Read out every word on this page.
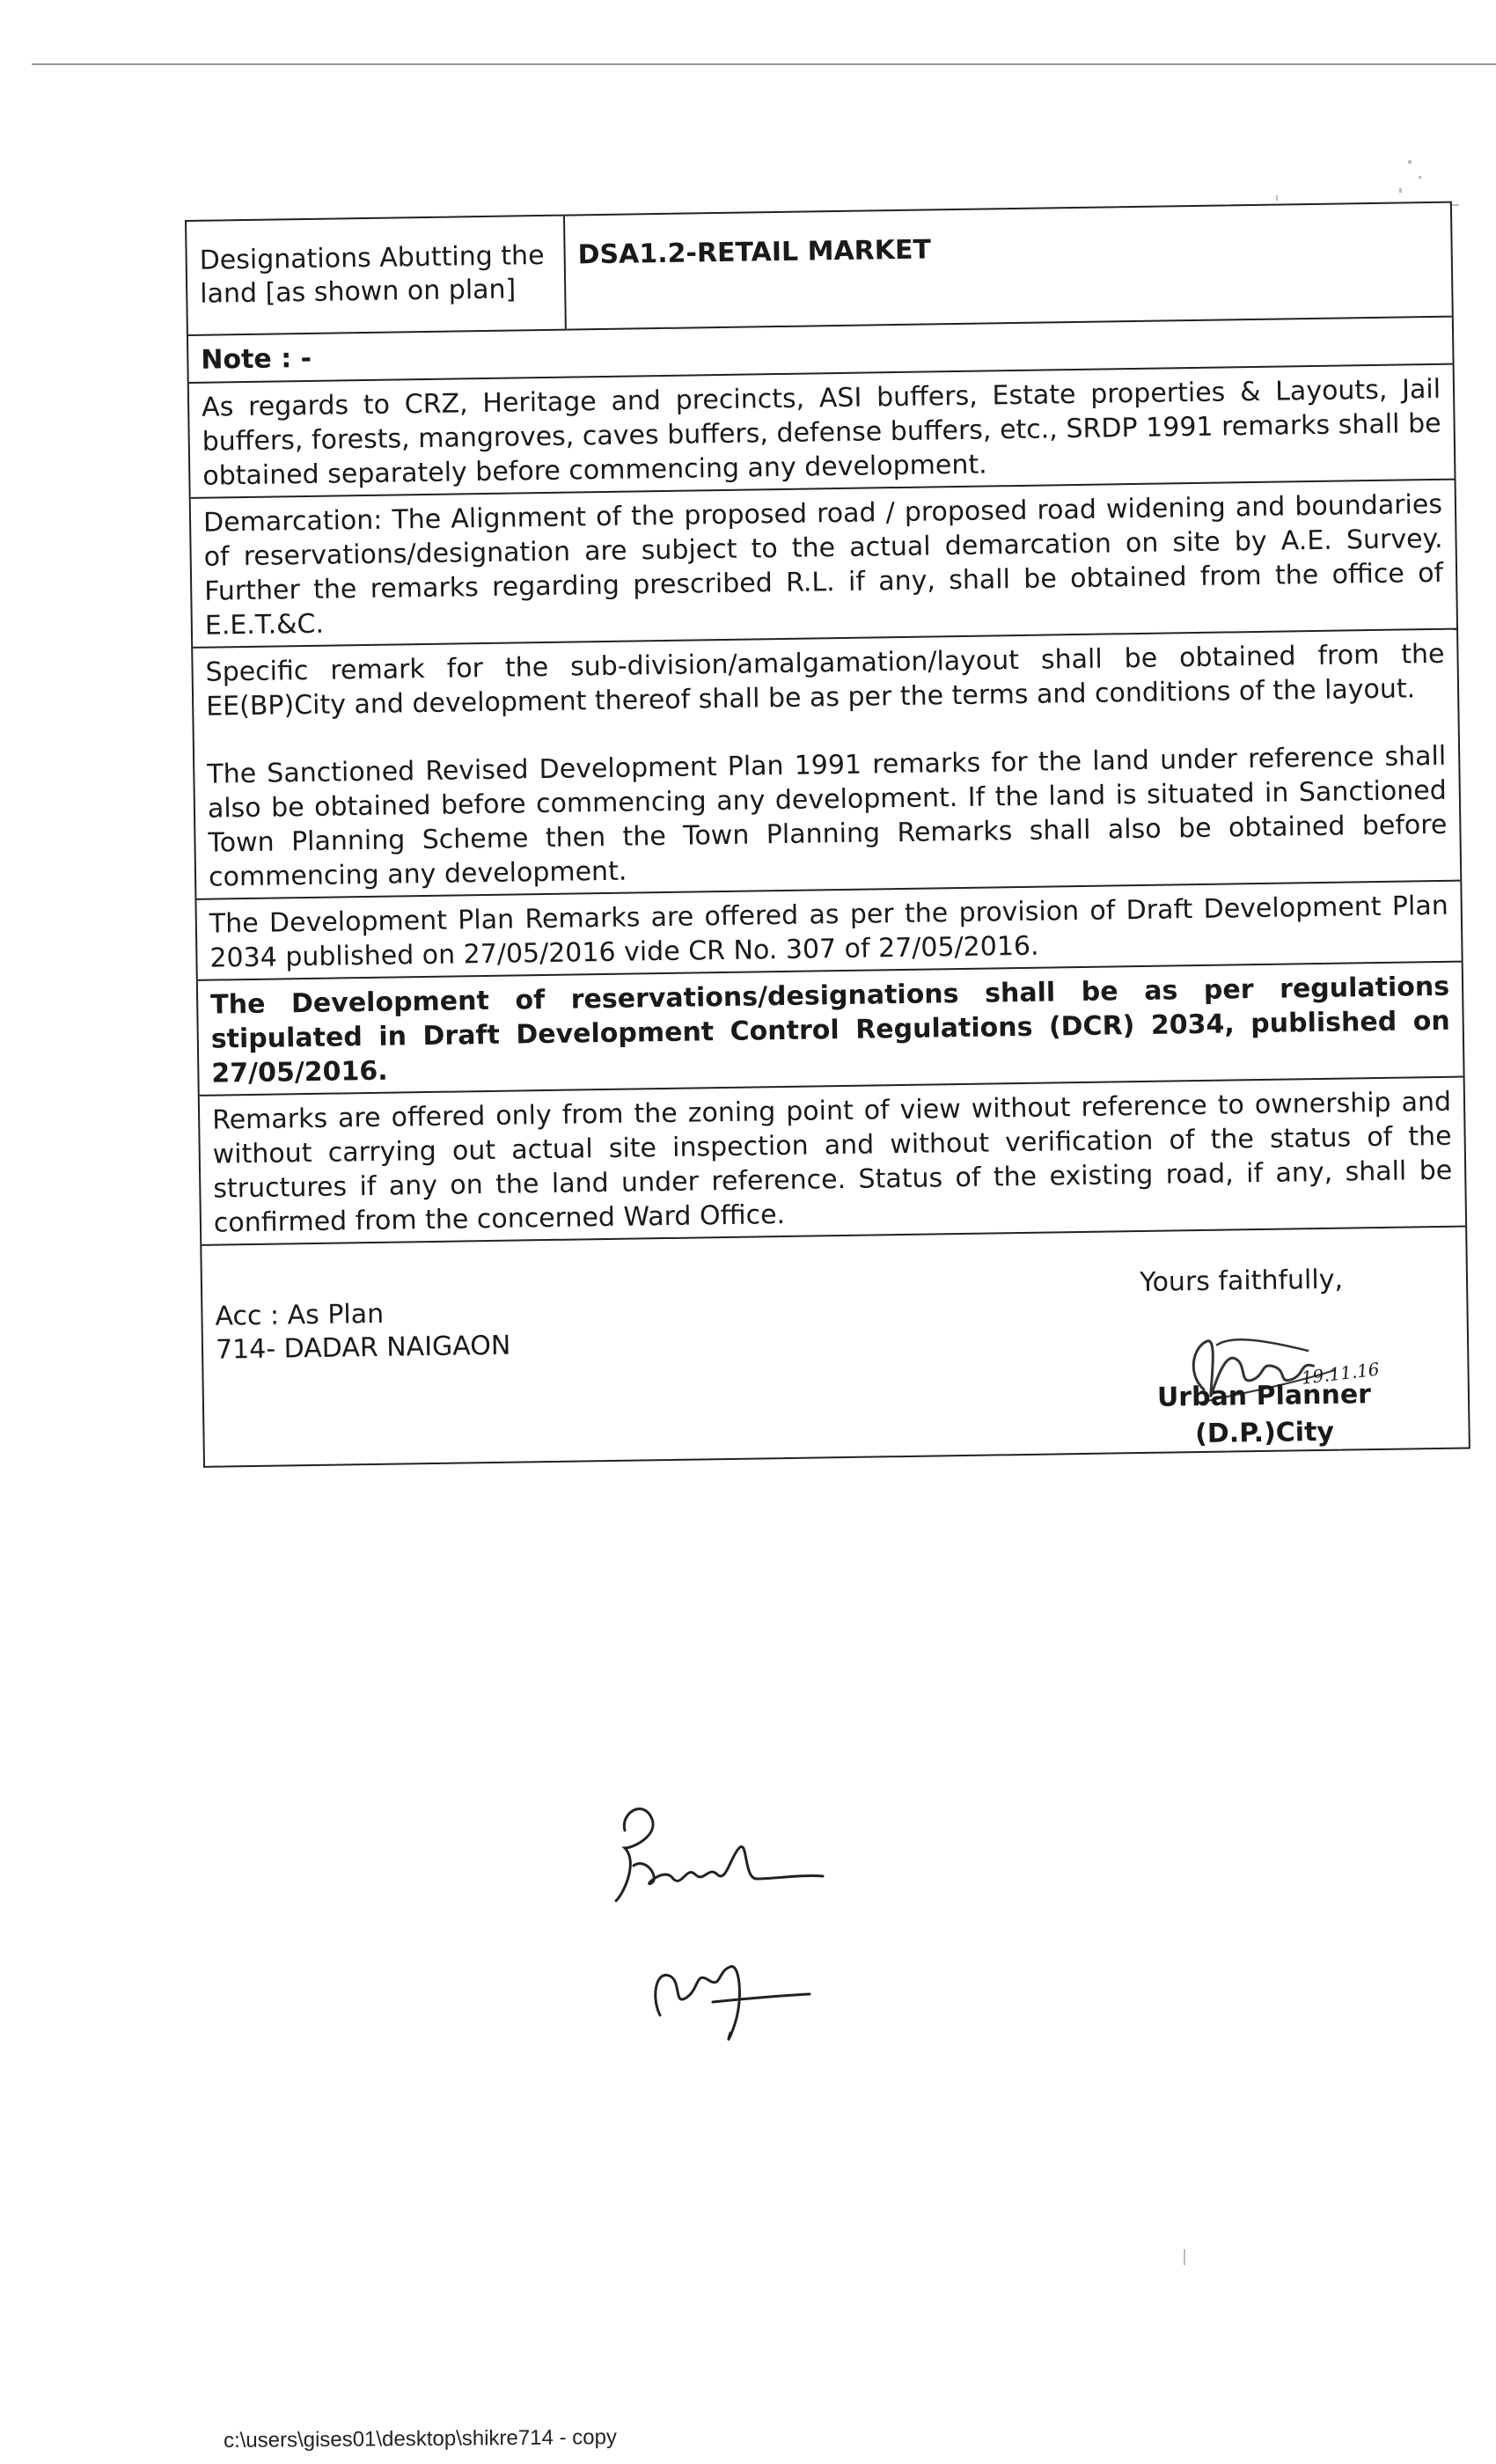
Designations Abutting the land [as shown on plan]
DSA1.2-RETAIL MARKET
Note : -

As regards to CRZ, Heritage and precincts, ASI buffers, Estate properties & Layouts, Jail buffers, forests, mangroves, caves buffers, defense buffers, etc., SRDP 1991 remarks shall be obtained separately before commencing any development.

Demarcation: The Alignment of the proposed road / proposed road widening and boundaries of reservations/designation are subject to the actual demarcation on site by A.E. Survey. Further the remarks regarding prescribed R.L. if any, shall be obtained from the office of E.E.T.&C.

Specific remark for the sub-division/amalgamation/layout shall be obtained from the EE(BP)City and development thereof shall be as per the terms and conditions of the layout.

The Sanctioned Revised Development Plan 1991 remarks for the land under reference shall also be obtained before commencing any development. If the land is situated in Sanctioned Town Planning Scheme then the Town Planning Remarks shall also be obtained before commencing any development.

The Development Plan Remarks are offered as per the provision of Draft Development Plan 2034 published on 27/05/2016 vide CR No. 307 of 27/05/2016.

The Development of reservations/designations shall be as per regulations stipulated in Draft Development Control Regulations (DCR) 2034, published on 27/05/2016.

Remarks are offered only from the zoning point of view without reference to ownership and without carrying out actual site inspection and without verification of the status of the structures if any on the land under reference. Status of the existing road, if any, shall be confirmed from the concerned Ward Office.

Acc : As Plan
714- DADAR NAIGAON
Yours faithfully,
19.11.16
Urban Planner
(D.P.)City
c:\users\gises01\desktop\shikre714 - copy
